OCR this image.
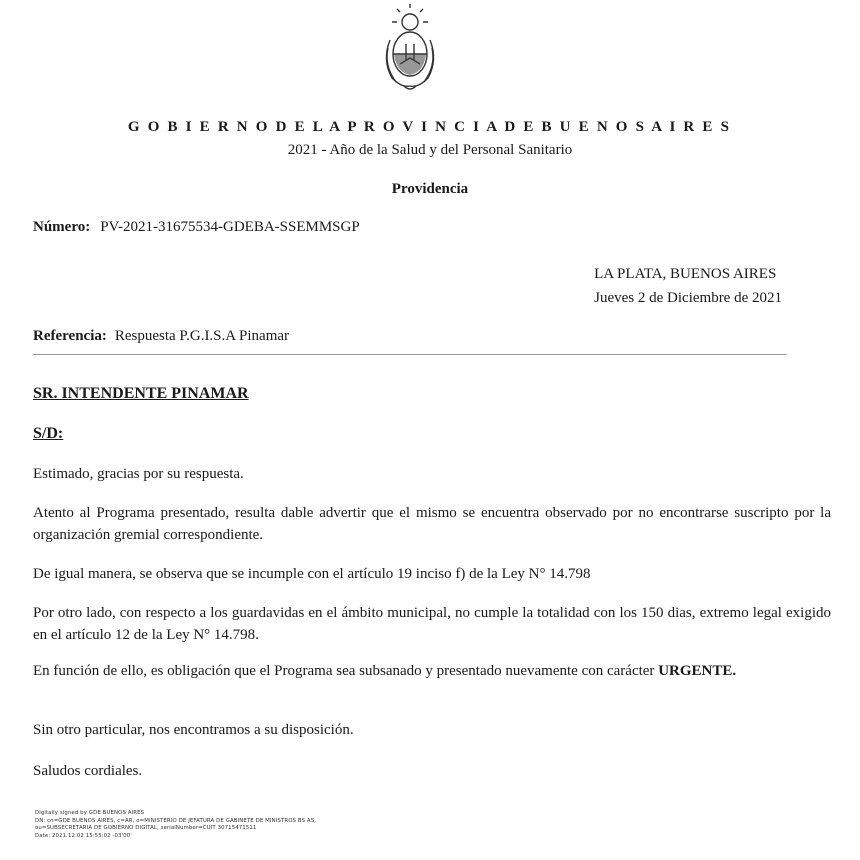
G O B I E R N O D E L A P R O V I N C I A D E B U E N O S A I R E S
2021 - Año de la Salud y del Personal Sanitario
Providencia
Número: PV-2021-31675534-GDEBA-SSEMMSGP
LA PLATA, BUENOS AIRES
Jueves 2 de Diciembre de 2021
Referencia: Respuesta P.G.I.S.A Pinamar
SR. INTENDENTE PINAMAR
S/D:
Estimado, gracias por su respuesta.
Atento al Programa presentado, resulta dable advertir que el mismo se encuentra observado por no encontrarse suscripto por la organización gremial correspondiente.
De igual manera, se observa que se incumple con el artículo 19 inciso f) de la Ley N° 14.798
Por otro lado, con respecto a los guardavidas en el ámbito municipal, no cumple la totalidad con los 150 dias, extremo legal exigido en el artículo 12 de la Ley N° 14.798.
En función de ello, es obligación que el Programa sea subsanado y presentado nuevamente con carácter URGENTE.
Sin otro particular, nos encontramos a su disposición.
Saludos cordiales.
Digitally signed by GDE BUENOS AIRES
DN: cn=GDE BUENOS AIRES, c=AR, o=MINISTERIO DE JEFATURA DE GABINETE DE MINISTROS BS AS,
ou=SUBSECRETARIA DE GOBIERNO DIGITAL, serialNumber=CUIT 30715471511
Date: 2021.12.02 15:55:02 -03'00'
